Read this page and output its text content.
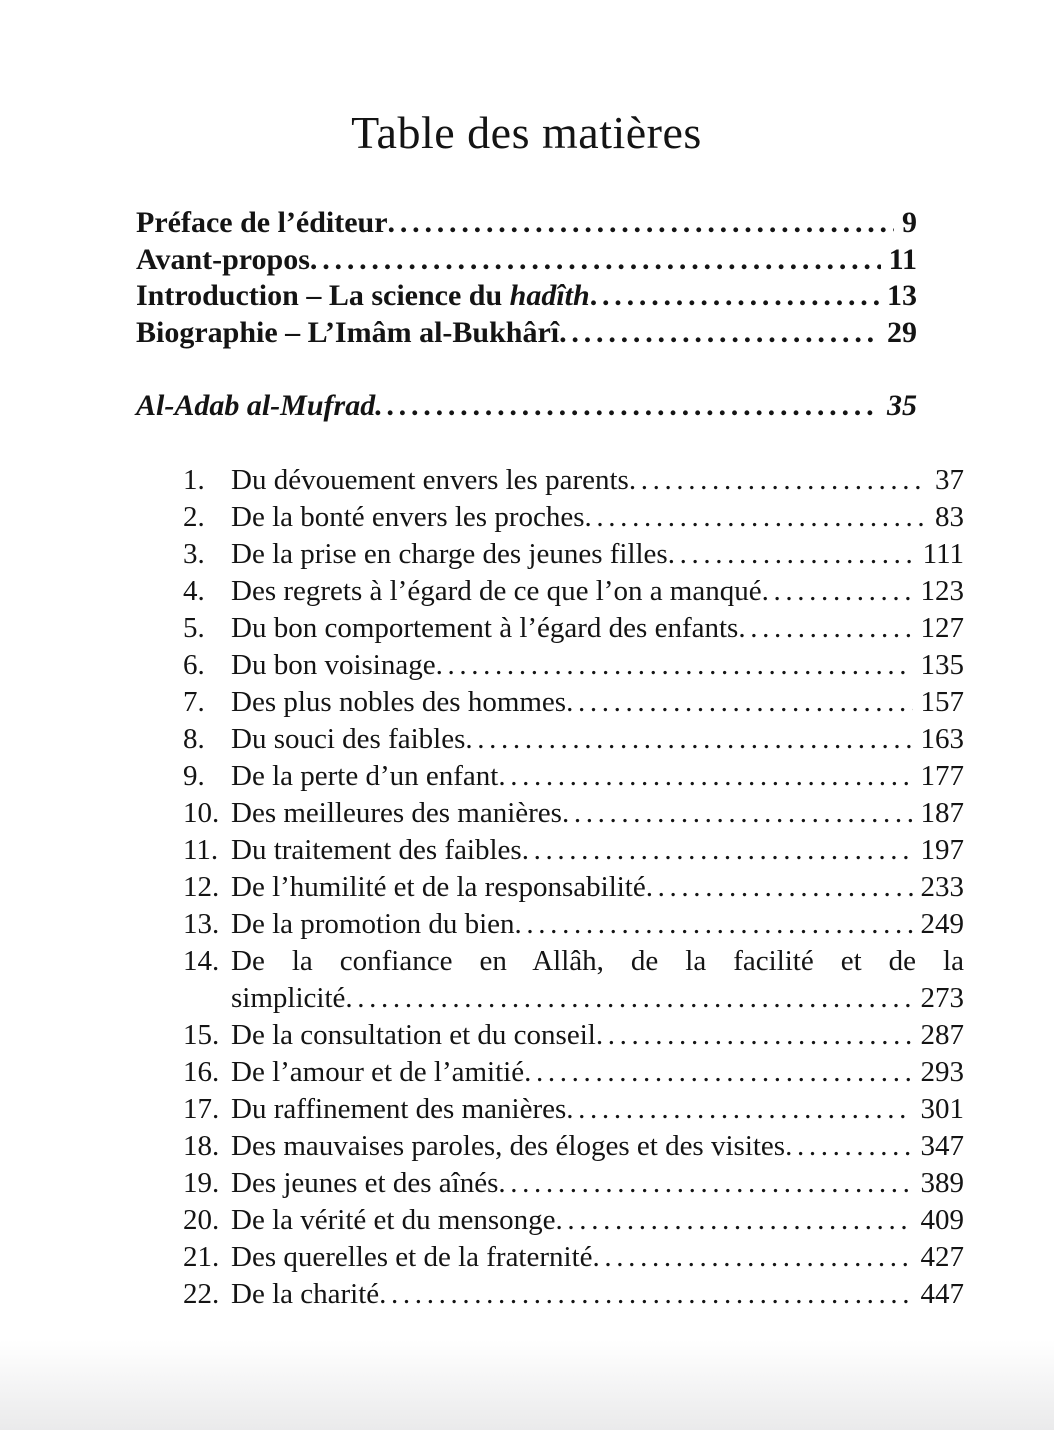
Table des matières
Préface de l’éditeur .....	9
Avant-propos .....	11
Introduction – La science du hadîth .....	13
Biographie – L’Imâm al-Bukhârî .....	29
Al-Adab al-Mufrad .....	35
1. Du dévouement envers les parents .....	37
2. De la bonté envers les proches .....	83
3. De la prise en charge des jeunes filles .....	111
4. Des regrets à l’égard de ce que l’on a manqué .....	123
5. Du bon comportement à l’égard des enfants .....	127
6. Du bon voisinage .....	135
7. Des plus nobles des hommes .....	157
8. Du souci des faibles .....	163
9. De la perte d’un enfant .....	177
10. Des meilleures des manières .....	187
11. Du traitement des faibles .....	197
12. De l’humilité et de la responsabilité .....	233
13. De la promotion du bien .....	249
14. De la confiance en Allâh, de la facilité et de la
simplicité .....	273
15. De la consultation et du conseil .....	287
16. De l’amour et de l’amitié .....	293
17. Du raffinement des manières .....	301
18. Des mauvaises paroles, des éloges et des visites .....	347
19. Des jeunes et des aînés .....	389
20. De la vérité et du mensonge .....	409
21. Des querelles et de la fraternité .....	427
22. De la charité .....	447
